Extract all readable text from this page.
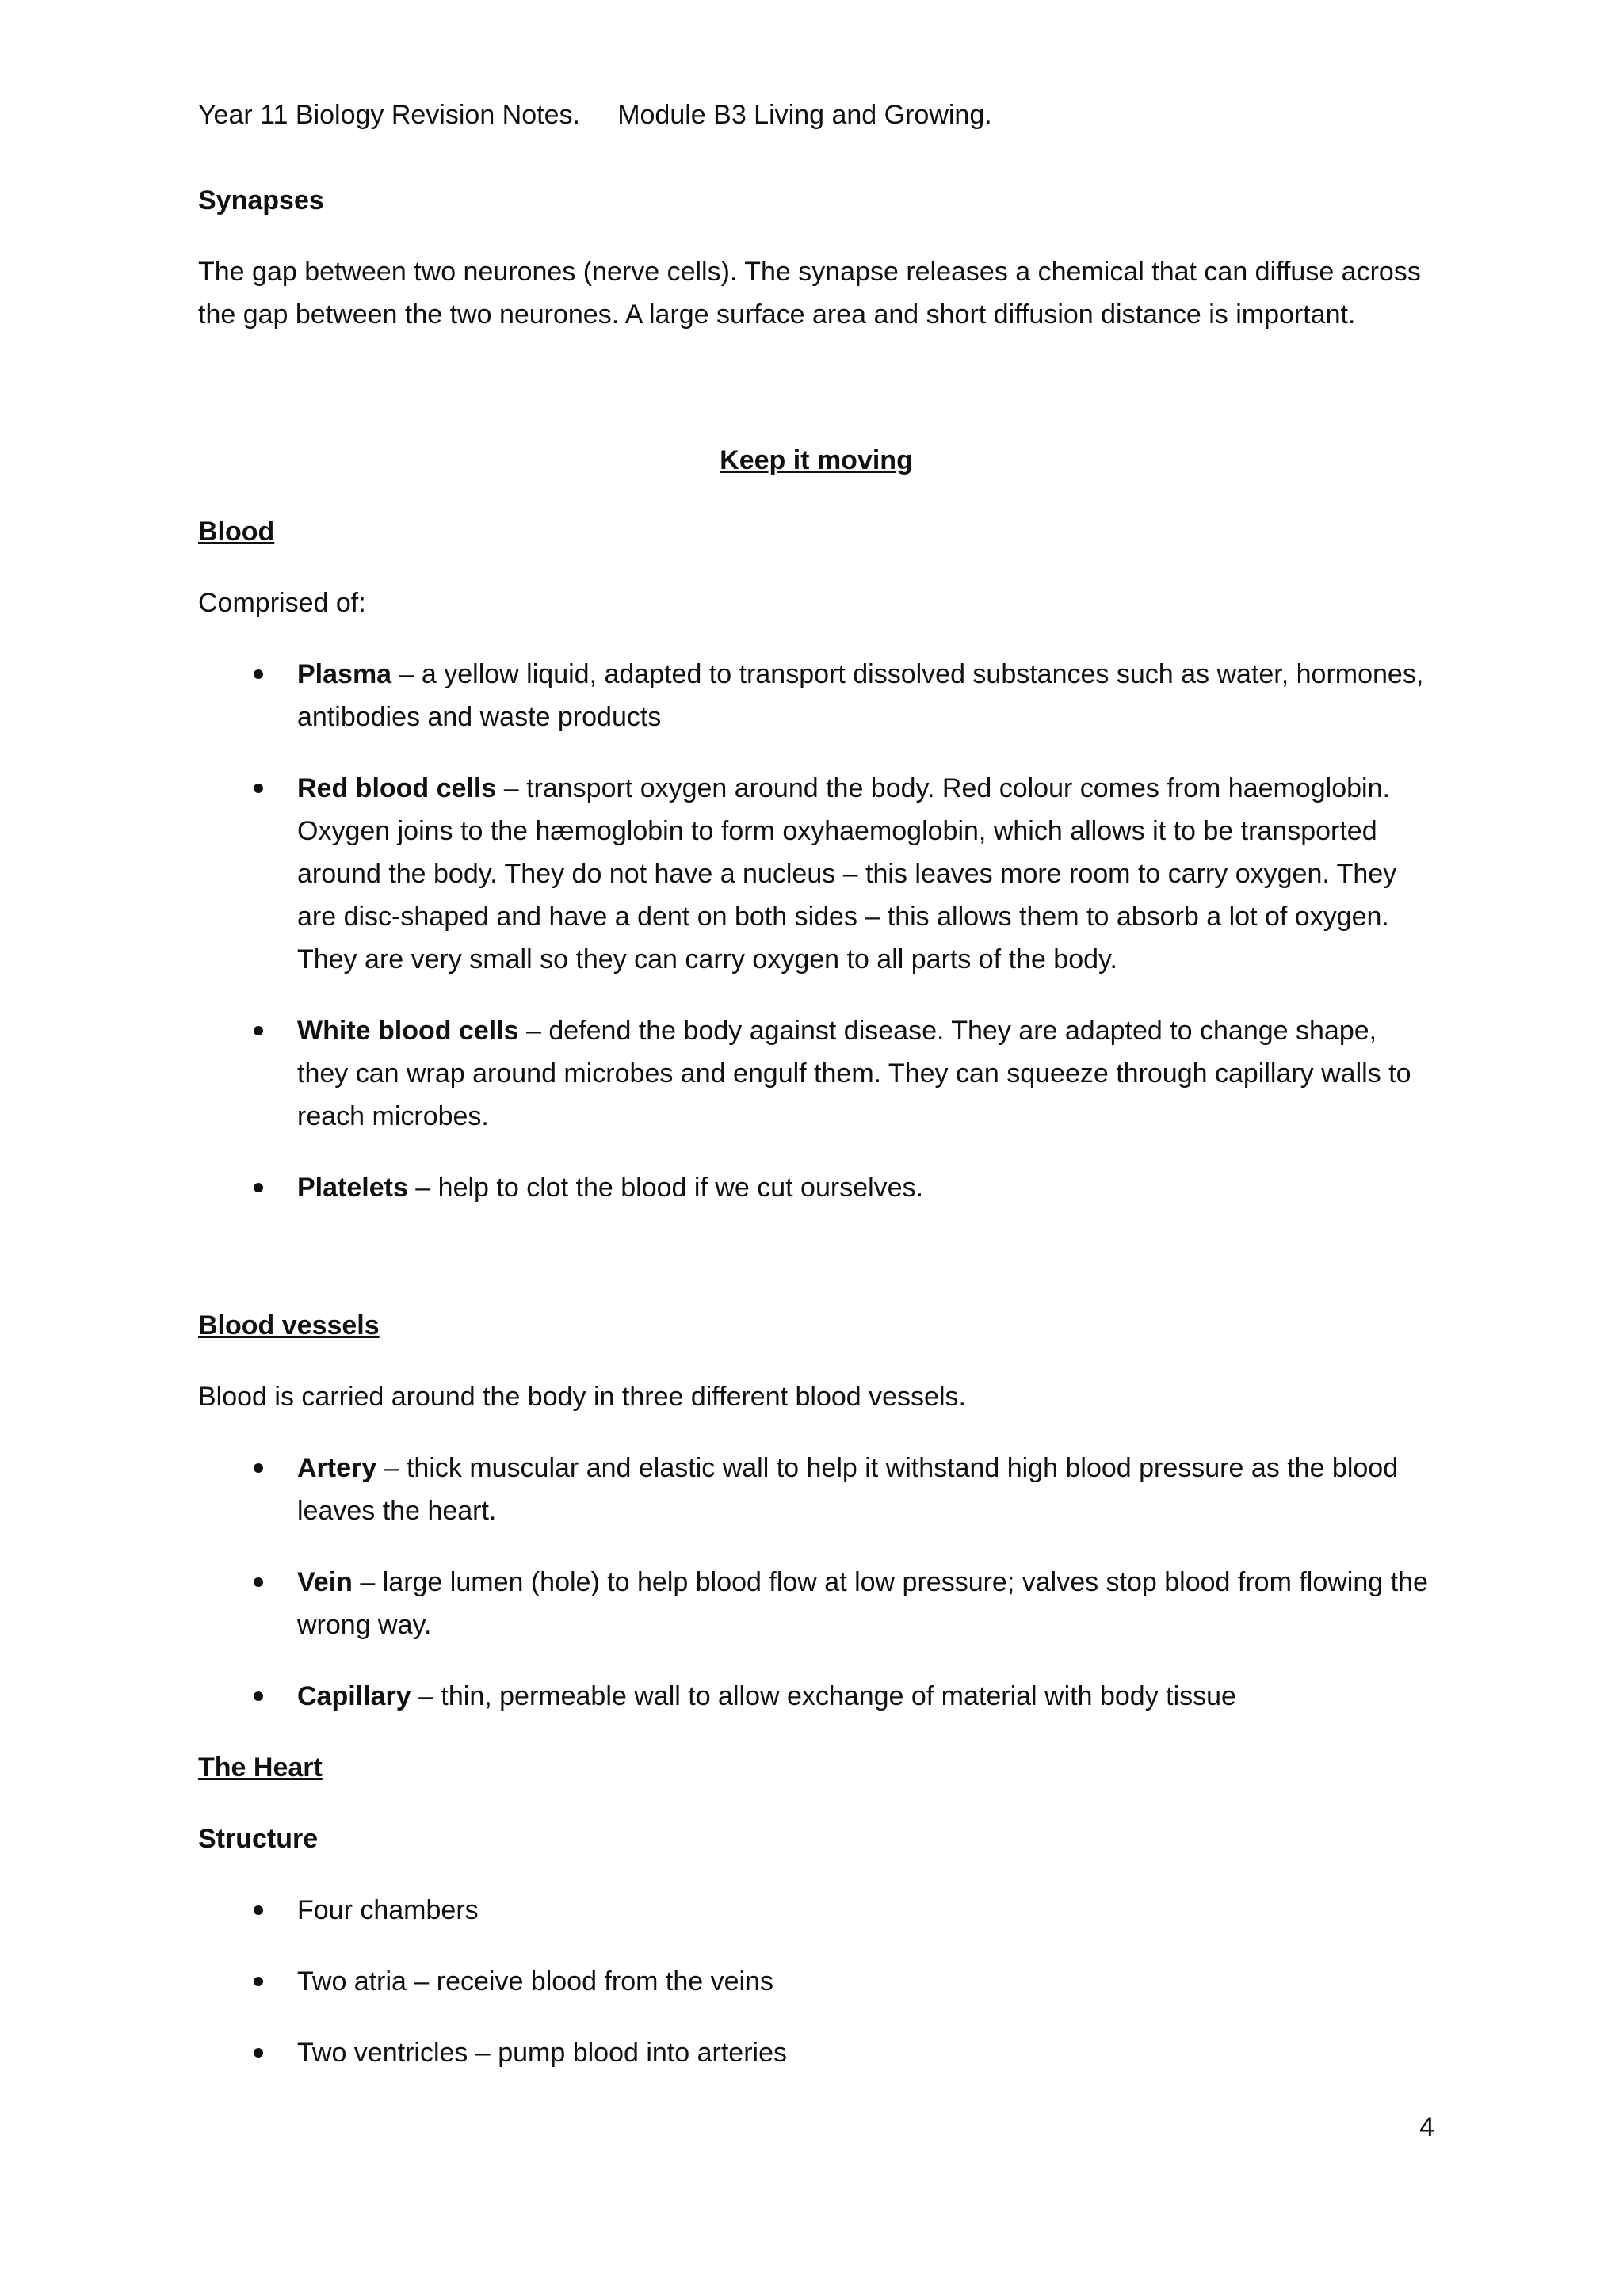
Year 11 Biology Revision Notes. Module B3 Living and Growing.

Synapses

The gap between two neurones (nerve cells). The synapse releases a chemical that can diffuse across the gap between the two neurones. A large surface area and short diffusion distance is important.

Keep it moving

Blood

Comprised of:

Plasma – a yellow liquid, adapted to transport dissolved substances such as water, hormones, antibodies and waste products
Red blood cells – transport oxygen around the body. Red colour comes from haemoglobin. Oxygen joins to the hæmoglobin to form oxyhaemoglobin, which allows it to be transported around the body. They do not have a nucleus – this leaves more room to carry oxygen. They are disc-shaped and have a dent on both sides – this allows them to absorb a lot of oxygen. They are very small so they can carry oxygen to all parts of the body.
White blood cells – defend the body against disease. They are adapted to change shape, they can wrap around microbes and engulf them. They can squeeze through capillary walls to reach microbes.
Platelets – help to clot the blood if we cut ourselves.

Blood vessels

Blood is carried around the body in three different blood vessels.

Artery – thick muscular and elastic wall to help it withstand high blood pressure as the blood leaves the heart.
Vein – large lumen (hole) to help blood flow at low pressure; valves stop blood from flowing the wrong way.
Capillary – thin, permeable wall to allow exchange of material with body tissue

The Heart

Structure

Four chambers
Two atria – receive blood from the veins
Two ventricles – pump blood into arteries
4
